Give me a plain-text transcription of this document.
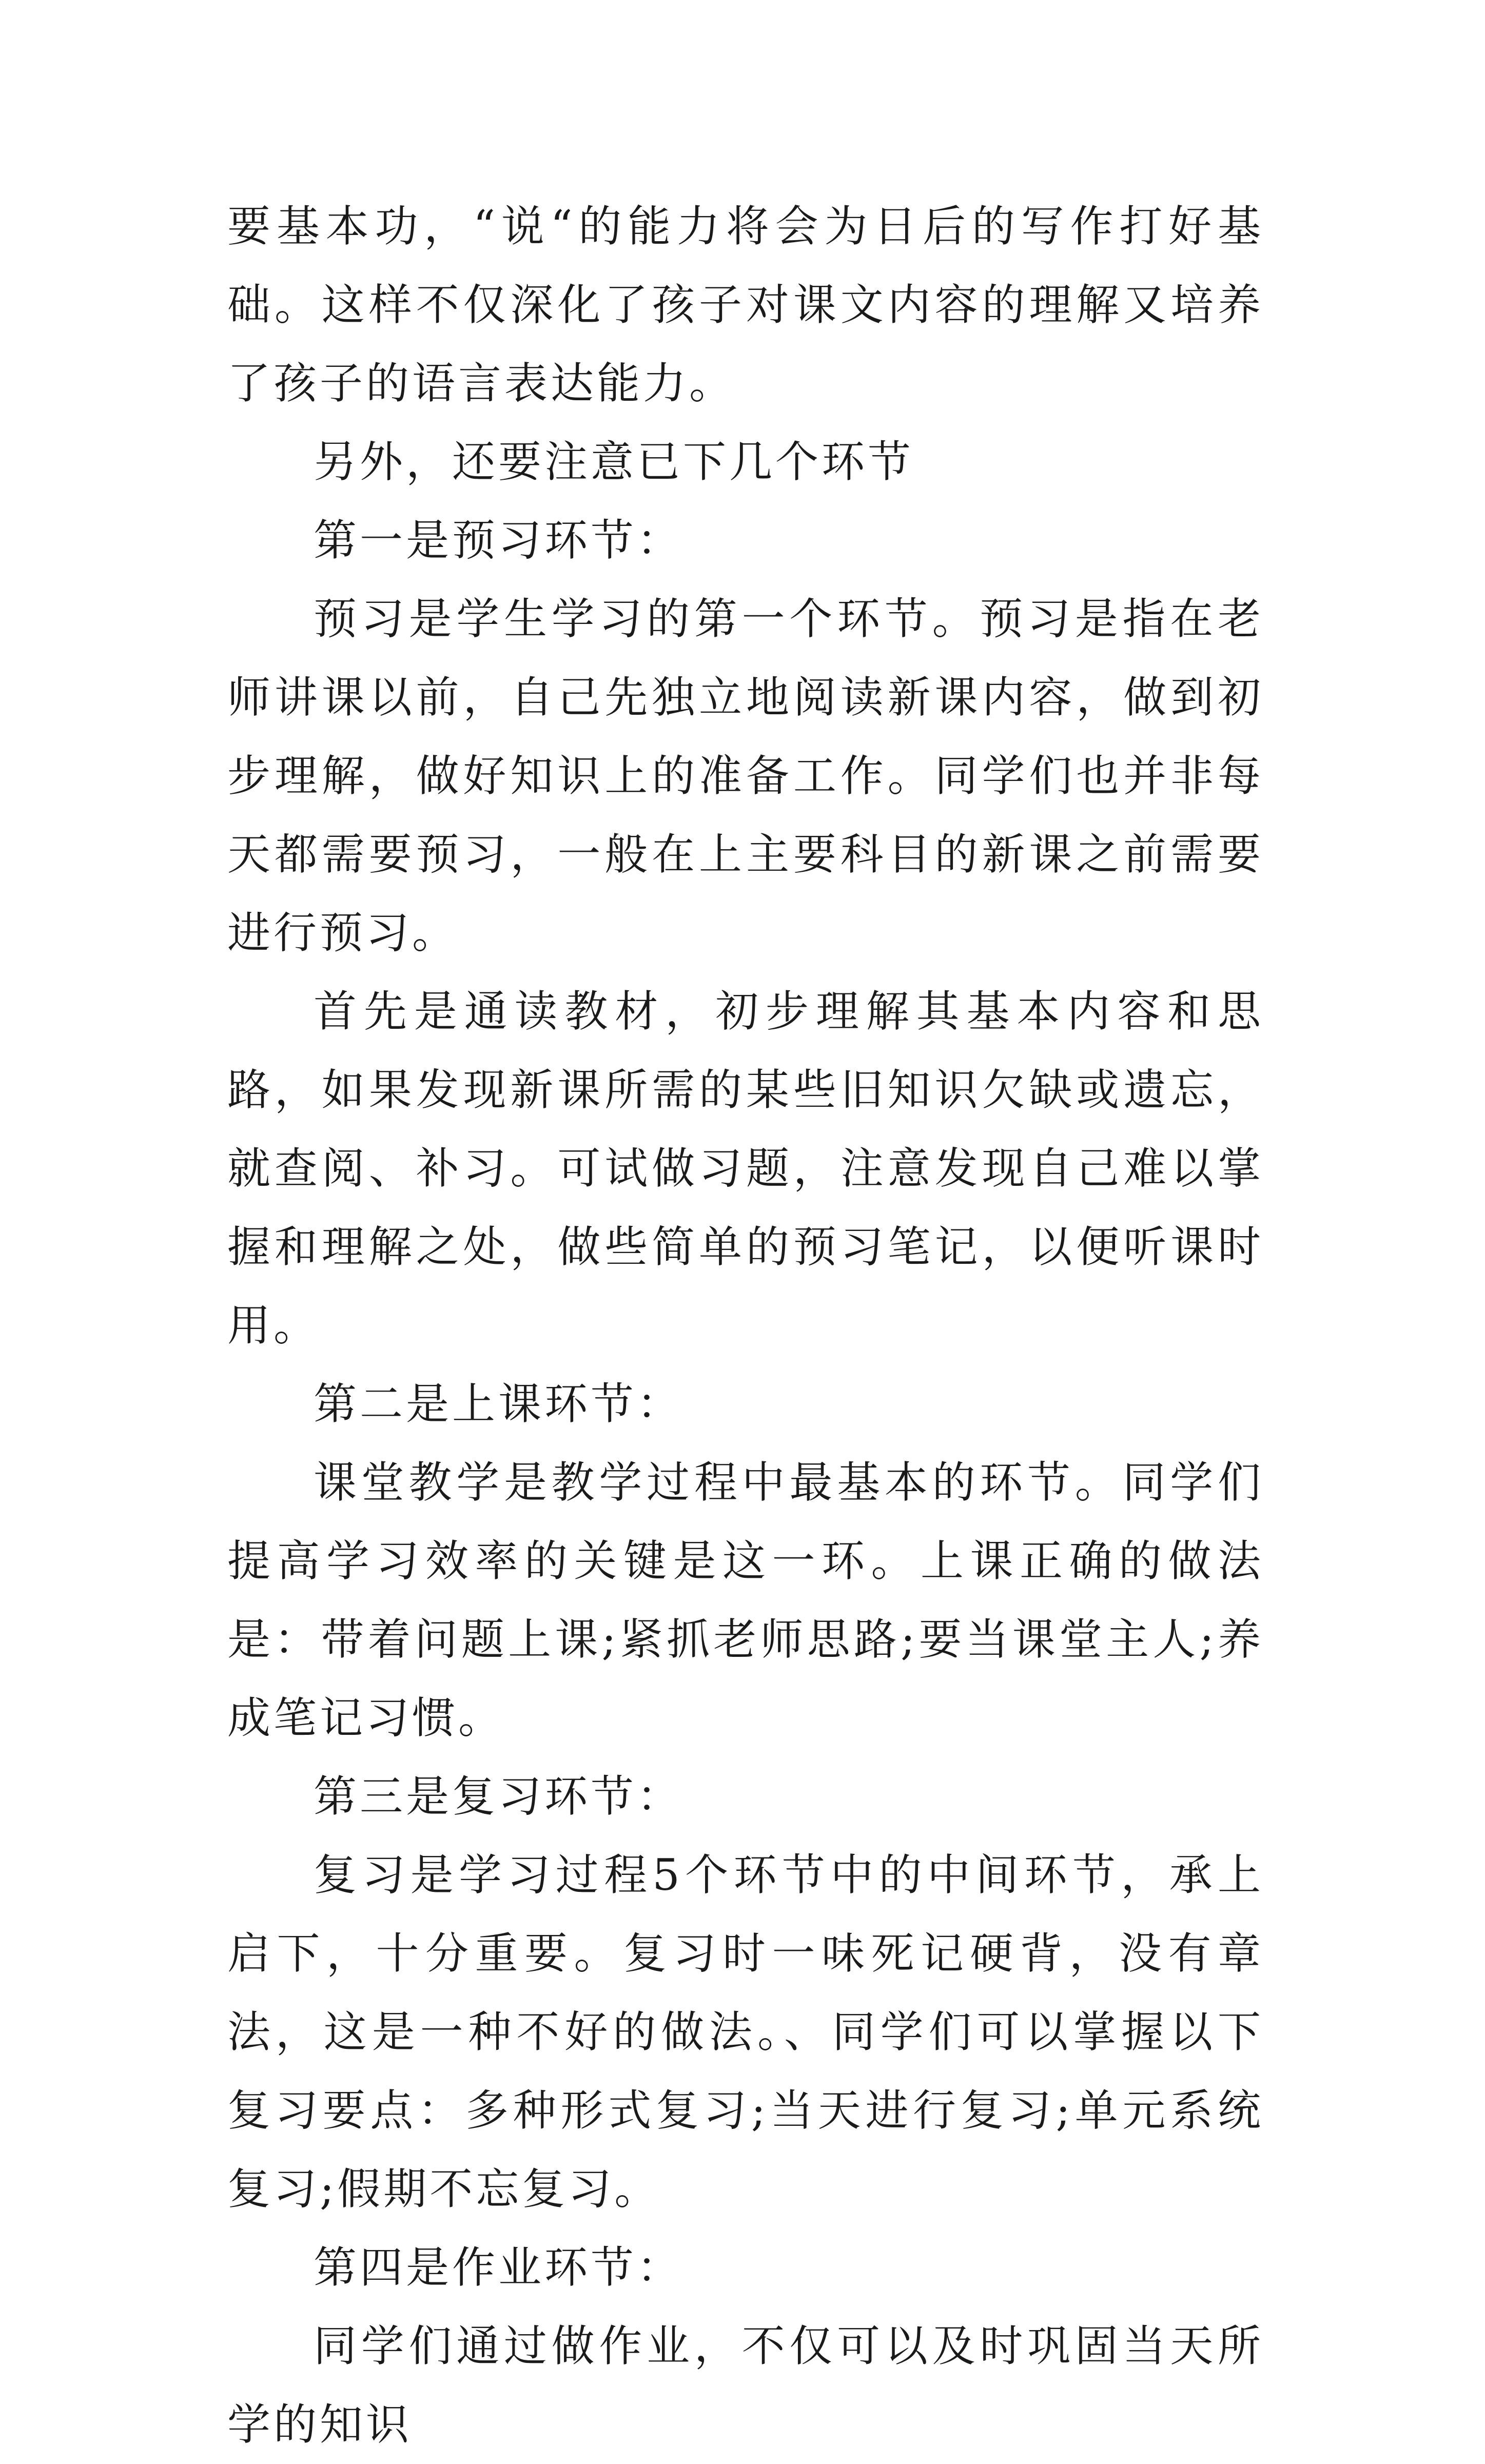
要基本功，“说“的能力将会为日后的写作打好基础。这样不仅深化了孩子对课文内容的理解又培养了孩子的语言表达能力。

另外，还要注意已下几个环节

第一是预习环节：

预习是学生学习的第一个环节。预习是指在老师讲课以前，自己先独立地阅读新课内容，做到初步理解，做好知识上的准备工作。同学们也并非每天都需要预习，一般在上主要科目的新课之前需要进行预习。

首先是通读教材，初步理解其基本内容和思路，如果发现新课所需的某些旧知识欠缺或遗忘，就查阅、补习。可试做习题，注意发现自己难以掌握和理解之处，做些简单的预习笔记，以便听课时用。

第二是上课环节：

课堂教学是教学过程中最基本的环节。同学们提高学习效率的关键是这一环。上课正确的做法是：带着问题上课;紧抓老师思路;要当课堂主人;养成笔记习惯。

第三是复习环节：

复习是学习过程5个环节中的中间环节，承上启下，十分重要。复习时一味死记硬背，没有章法，这是一种不好的做法。、同学们可以掌握以下复习要点：多种形式复习;当天进行复习;单元系统复习;假期不忘复习。

第四是作业环节：

同学们通过做作业，不仅可以及时巩固当天所学的知识
